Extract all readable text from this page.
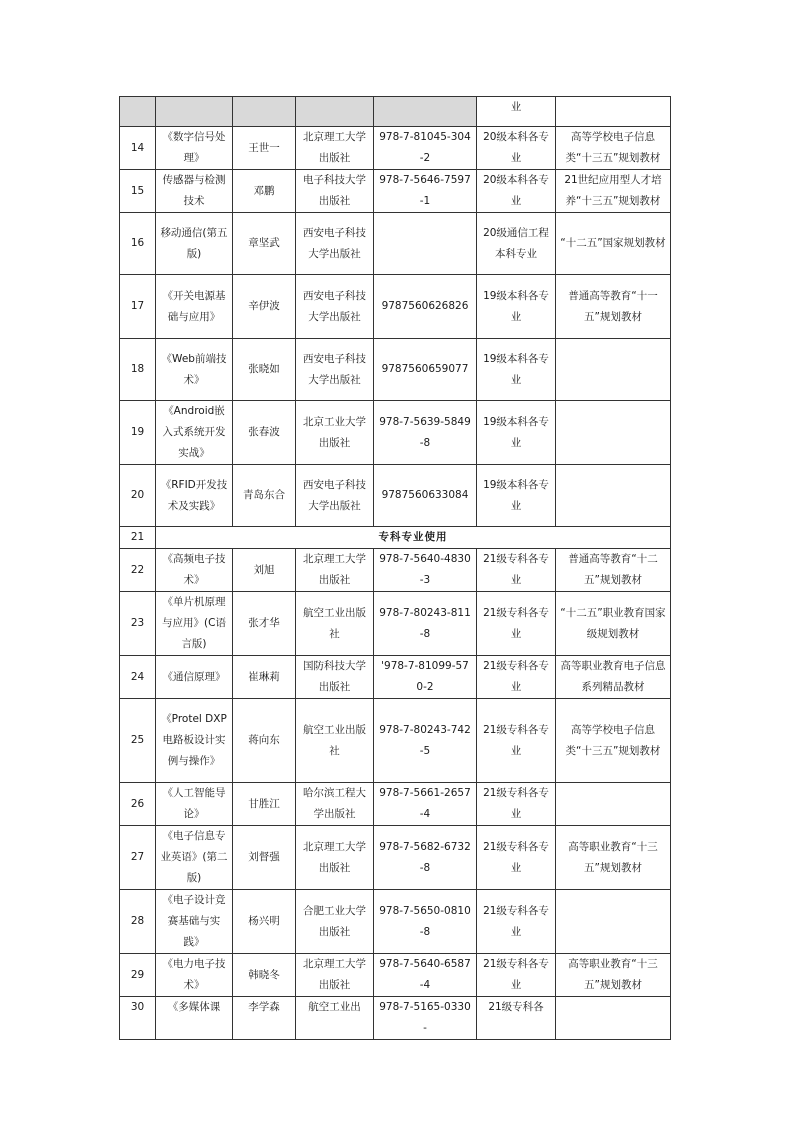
					业	
14	《数字信号处理》	王世一	北京理工大学出版社	978-7-81045-304-2	20级本科各专业	高等学校电子信息类“十三五”规划教材
15	传感器与检测技术	邓鹏	电子科技大学出版社	978-7-5646-7597-1	20级本科各专业	21世纪应用型人才培养“十三五”规划教材
16	移动通信(第五版)	章坚武	西安电子科技大学出版社		20级通信工程本科专业	“十二五”国家规划教材
17	《开关电源基础与应用》	辛伊波	西安电子科技大学出版社	9787560626826	19级本科各专业	普通高等教育“十一五”规划教材
18	《Web前端技术》	张晓如	西安电子科技大学出版社	9787560659077	19级本科各专业	
19	《Android嵌入式系统开发实战》	张春波	北京工业大学出版社	978-7-5639-5849-8	19级本科各专业	
20	《RFID开发技术及实践》	青岛东合	西安电子科技大学出版社	9787560633084	19级本科各专业	
21	专科专业使用					
22	《高频电子技术》	刘旭	北京理工大学出版社	978-7-5640-4830-3	21级专科各专业	普通高等教育“十二五”规划教材
23	《单片机原理与应用》(C语言版)	张才华	航空工业出版社	978-7-80243-811-8	21级专科各专业	“十二五”职业教育国家级规划教材
24	《通信原理》	崔琳莉	国防科技大学出版社	'978-7-81099-570-2	21级专科各专业	高等职业教育电子信息系列精品教材
25	《Protel DXP电路板设计实例与操作》	蒋向东	航空工业出版社	978-7-80243-742-5	21级专科各专业	高等学校电子信息类“十三五”规划教材
26	《人工智能导论》	甘胜江	哈尔滨工程大学出版社	978-7-5661-2657-4	21级专科各专业	
27	《电子信息专业英语》(第二版)	刘督强	北京理工大学出版社	978-7-5682-6732-8	21级专科各专业	高等职业教育“十三五”规划教材
28	《电子设计竞赛基础与实践》	杨兴明	合肥工业大学出版社	978-7-5650-0810-8	21级专科各专业	
29	《电力电子技术》	韩晓冬	北京理工大学出版社	978-7-5640-6587-4	21级专科各专业	高等职业教育“十三五”规划教材
30	《多媒体课	李学森	航空工业出	978-7-5165-0330-	21级专科各	
